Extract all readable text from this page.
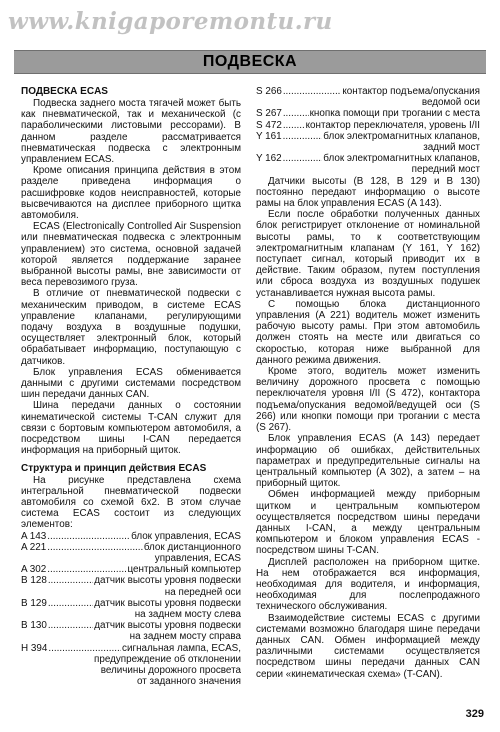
www.knigaporemontu.ru
ПОДВЕСКА
ПОДВЕСКА ECAS

Подвеска заднего моста тягачей может быть как пневматической, так и механической (с параболическими листовыми рессорами). В данном разделе рассматривается пневматическая подвеска с электронным управлением ECAS.

Кроме описания принципа действия в этом разделе приведена информация о расшифровке кодов неисправностей, которые высвечиваются на дисплее приборного щитка автомобиля.

ECAS (Electronically Controlled Air Suspension или пневматическая подвеска с электронным управлением) это система, основной задачей которой является поддержание заранее выбранной высоты рамы, вне зависимости от веса перевозимого груза.

В отличие от пневматической подвески с механическим приводом, в системе ECAS управление клапанами, регулирующими подачу воздуха в воздушные подушки, осуществляет электронный блок, который обрабатывает информацию, поступающую с датчиков.

Блок управления ECAS обменивается данными с другими системами посредством шин передачи данных CAN.

Шина передачи данных о состоянии кинематической системы T-CAN служит для связи с бортовым компьютером автомобиля, а посредством шины I-CAN передается информация на приборный щиток.

Структура и принцип действия ECAS

На рисунке представлена схема интегральной пневматической подвески автомобиля со схемой 6x2. В этом случае система ECAS состоит из следующих элементов:

A 143 .....	блок управления, ECAS
A 221 .....	блок дистанционного
управления, ECAS
A 302 .....	центральный компьютер
B 128 .....	датчик высоты уровня подвески
на передней оси
B 129 .....	датчик высоты уровня подвески
на заднем мосту слева
B 130 .....	датчик высоты уровня подвески
на заднем мосту справа
H 394 .....	сигнальная лампа, ECAS,
предупреждение об отклонении
величины дорожного просвета
от заданного значения
S 266 .....	контактор подъема/опускания
ведомой оси
S 267 .....	кнопка помощи при трогании с места
S 472 ..... контактор переключателя, уровень I/II
Y 161 .....	блок электромагнитных клапанов,
задний мост
Y 162 .....	блок электромагнитных клапанов,
передний мост

Датчики высоты (B 128, B 129 и B 130) постоянно передают информацию о высоте рамы на блок управления ECAS (A 143).

Если после обработки полученных данных блок регистрирует отклонение от номинальной высоты рамы, то к соответствующим электромагнитным клапанам (Y 161, Y 162) поступает сигнал, который приводит их в действие. Таким образом, путем поступления или сброса воздуха из воздушных подушек устанавливается нужная высота рамы.

С помощью блока дистанционного управления (A 221) водитель может изменить рабочую высоту рамы. При этом автомобиль должен стоять на месте или двигаться со скоростью, которая ниже выбранной для данного режима движения.

Кроме этого, водитель может изменить величину дорожного просвета с помощью переключателя уровня I/II (S 472), контактора подъема/опускания ведомой/ведущей оси (S 266) или кнопки помощи при трогании с места (S 267).

Блок управления ECAS (A 143) передает информацию об ошибках, действительных параметрах и предупредительные сигналы на центральный компьютер (A 302), а затем – на приборный щиток.

Обмен информацией между приборным щитком и центральным компьютером осуществляется посредством шины передачи данных I-CAN, а между центральным компьютером и блоком управления ECAS - посредством шины T-CAN.

Дисплей расположен на приборном щитке. На нем отображается вся информация, необходимая для водителя, и информация, необходимая для послепродажного технического обслуживания.

Взаимодействие системы ECAS с другими системами возможно благодаря шине передачи данных CAN. Обмен информацией между различными системами осуществляется посредством шины передачи данных CAN серии «кинематическая схема» (T-CAN).

329
